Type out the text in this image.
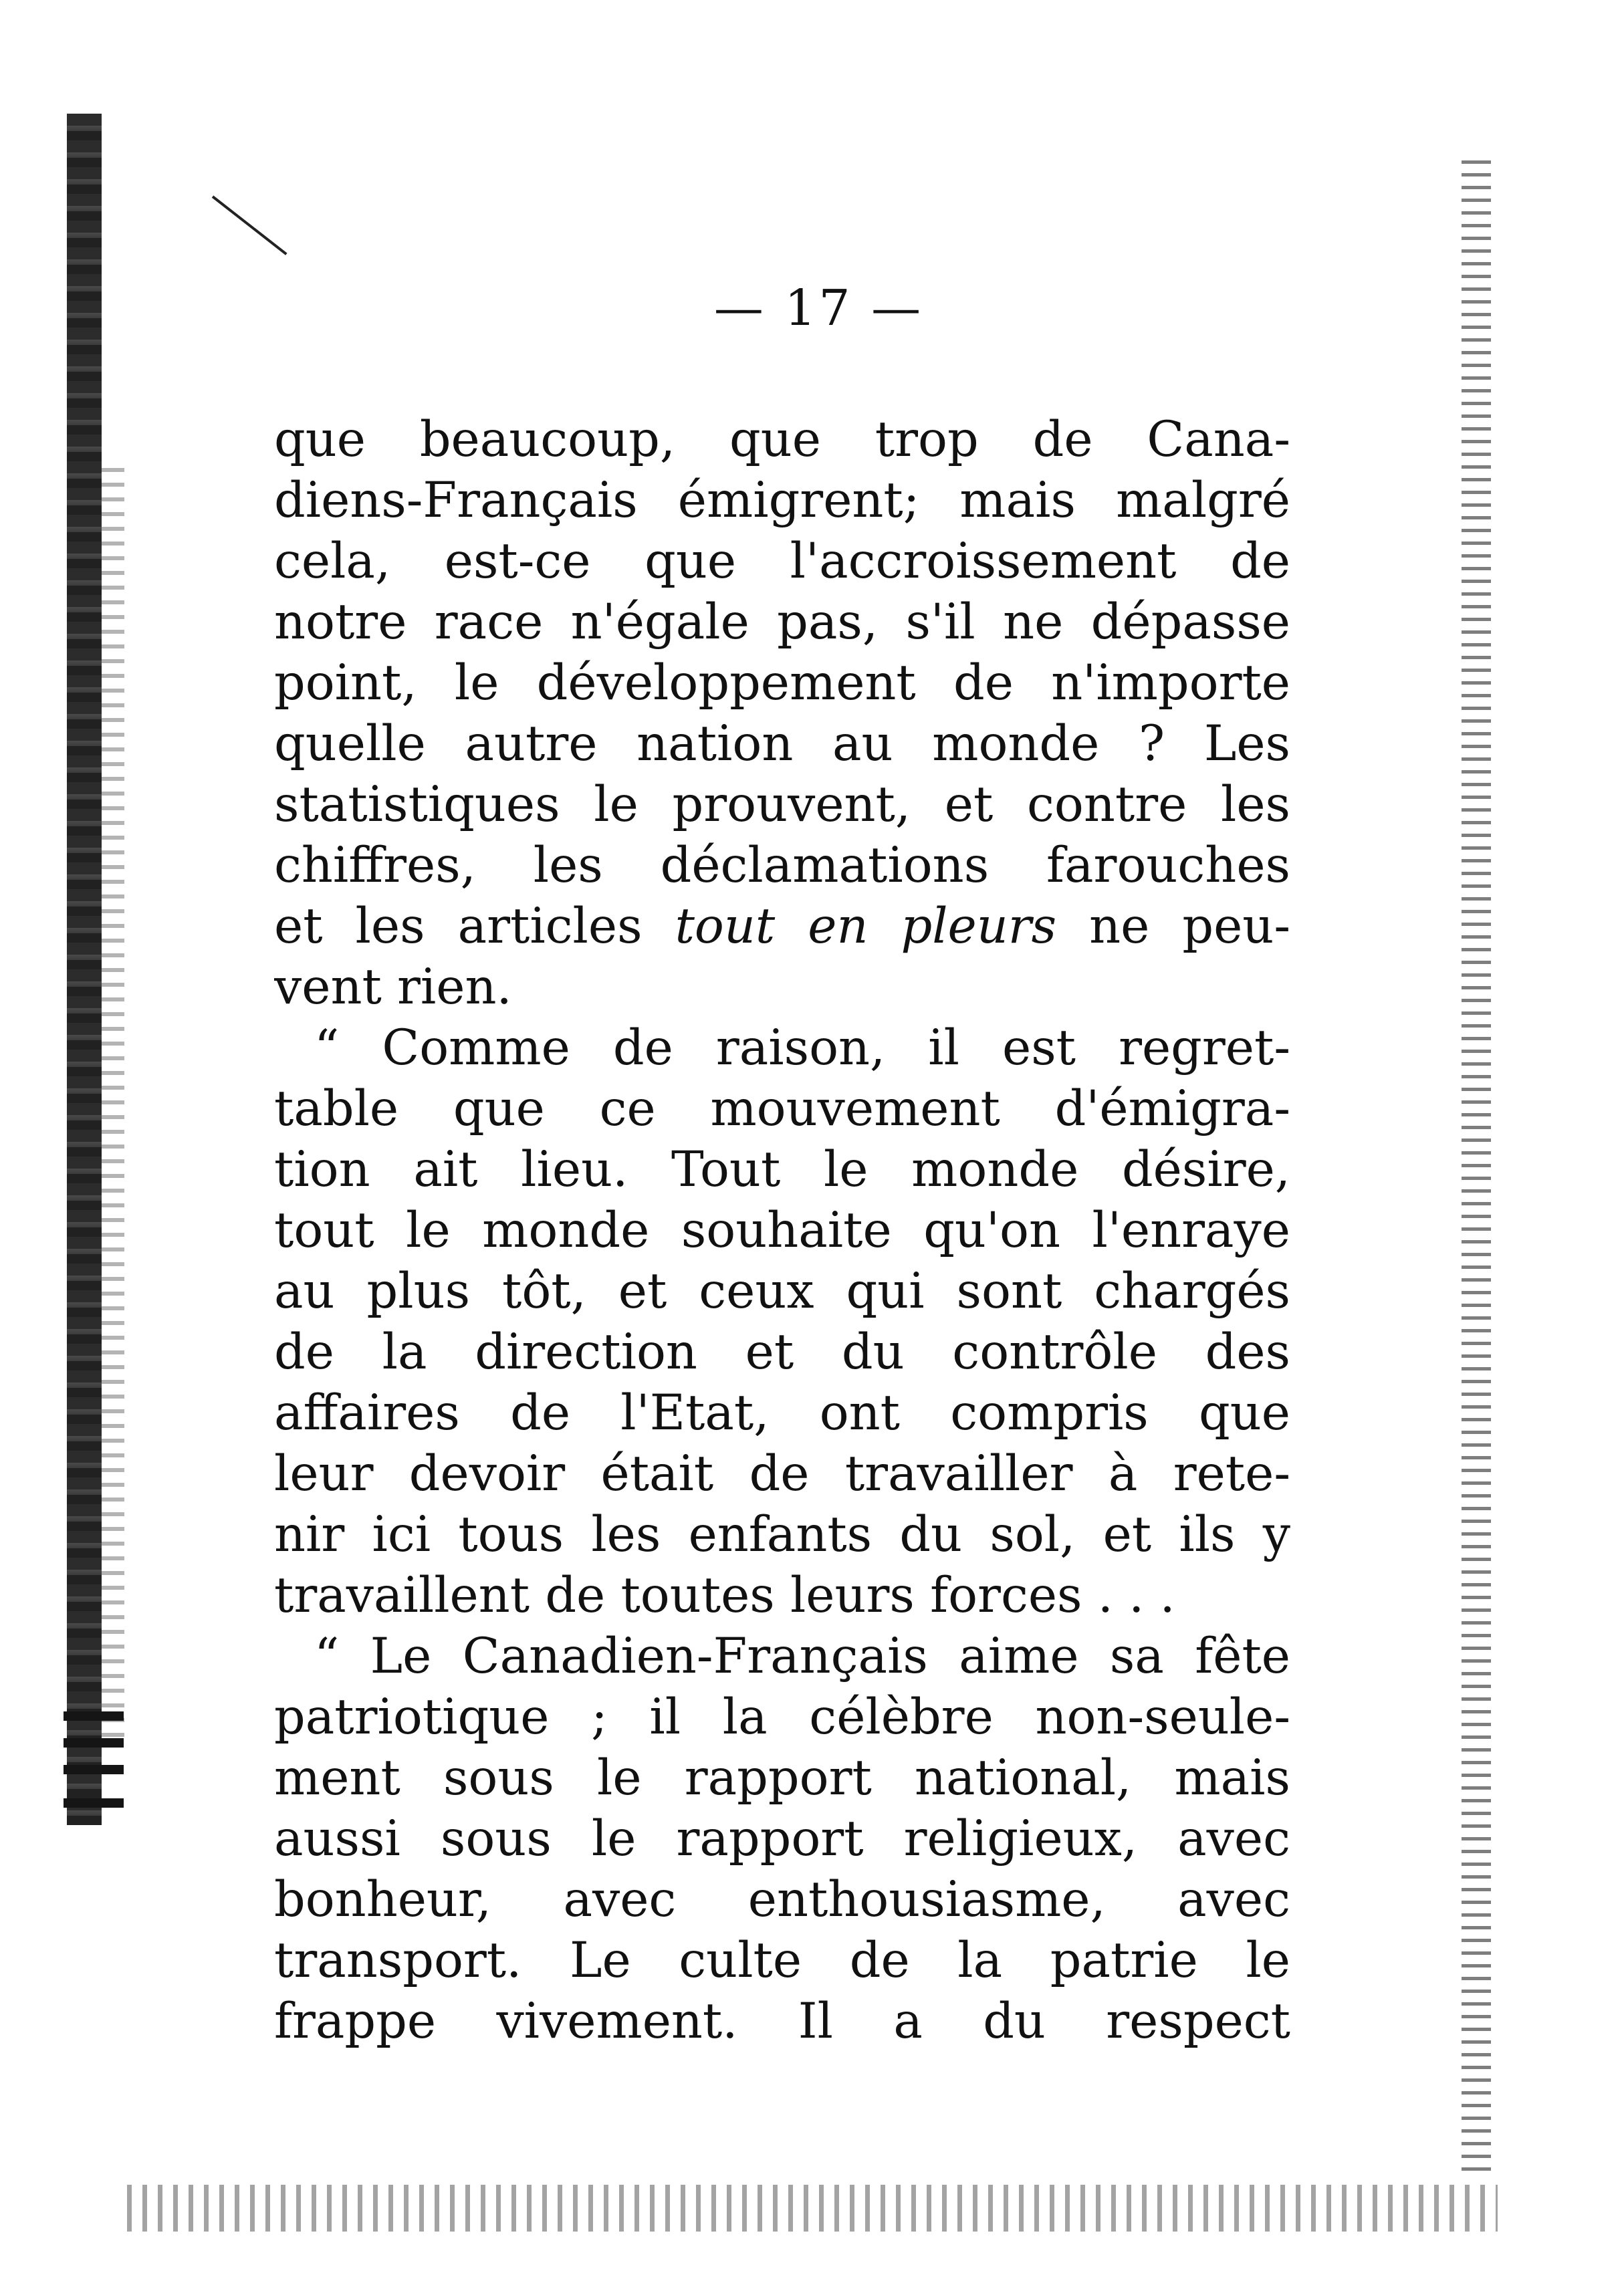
— 17 —
que beaucoup, que trop de Cana-
diens-Français émigrent; mais malgré
cela, est-ce que l'accroissement de
notre race n'égale pas, s'il ne dépasse
point, le développement de n'importe
quelle autre nation au monde ? Les
statistiques le prouvent, et contre les
chiffres, les déclamations farouches
et les articles tout en pleurs ne peu-
vent rien.
“ Comme de raison, il est regret-
table que ce mouvement d'émigra-
tion ait lieu. Tout le monde désire,
tout le monde souhaite qu'on l'enraye
au plus tôt, et ceux qui sont chargés
de la direction et du contrôle des
affaires de l'Etat, ont compris que
leur devoir était de travailler à rete-
nir ici tous les enfants du sol, et ils y
travaillent de toutes leurs forces . . .
“ Le Canadien-Français aime sa fête
patriotique ; il la célèbre non-seule-
ment sous le rapport national, mais
aussi sous le rapport religieux, avec
bonheur, avec enthousiasme, avec
transport. Le culte de la patrie le
frappe vivement. Il a du respect
